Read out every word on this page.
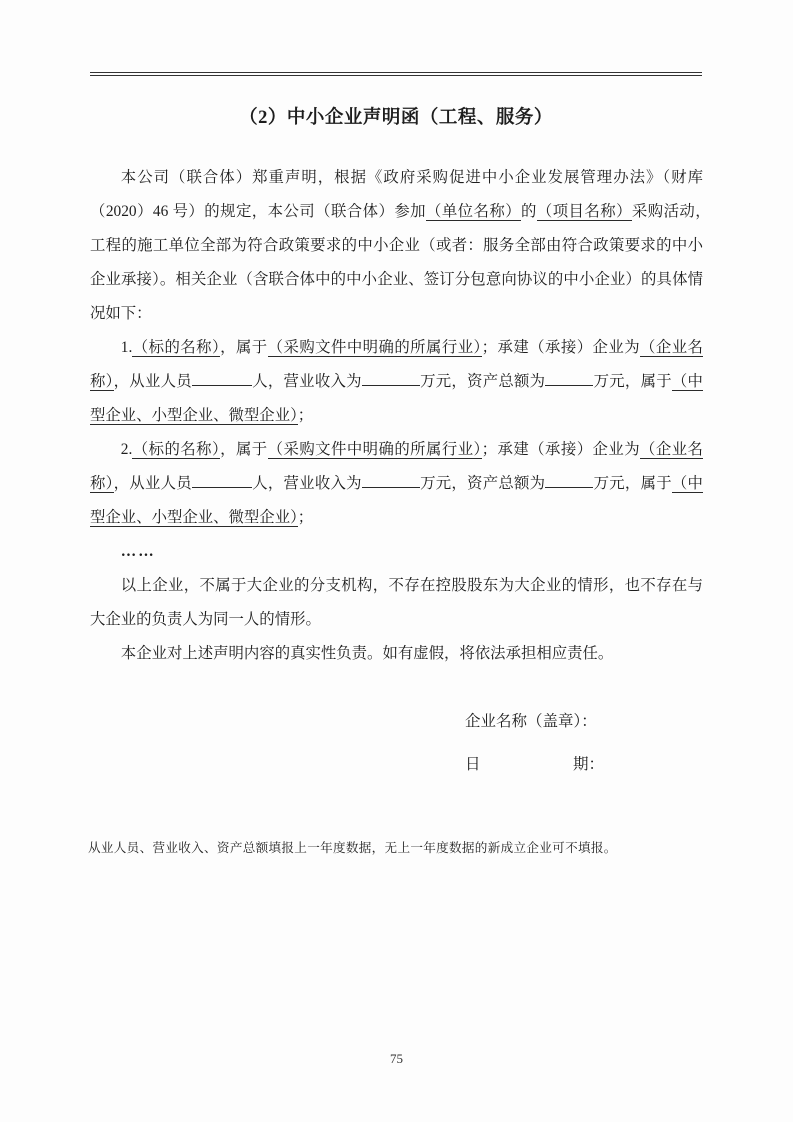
（2）中小企业声明函（工程、服务）

本公司（联合体）郑重声明，根据《政府采购促进中小企业发展管理办法》（财库（2020）46 号）的规定，本公司（联合体）参加（单位名称）的（项目名称）采购活动，　工程的施工单位全部为符合政策要求的中小企业（或者：服务全部由符合政策要求的中小企业承接）。相关企业（含联合体中的中小企业、签订分包意向协议的中小企业）的具体情况如下：

1.（标的名称），属于（采购文件中明确的所属行业）；承建（承接）企业为（企业名称），从业人员	人，营业收入为	万元，资产总额为	万元，属于（中型企业、小型企业、微型企业）；

2.（标的名称），属于（采购文件中明确的所属行业）；承建（承接）企业为（企业名称），从业人员	人，营业收入为	万元，资产总额为	万元，属于（中型企业、小型企业、微型企业）；

……

以上企业，不属于大企业的分支机构，不存在控股股东为大企业的情形，也不存在与大企业的负责人为同一人的情形。

本企业对上述声明内容的真实性负责。如有虚假，将依法承担相应责任。

企业名称（盖章）：
日	期：
从业人员、营业收入、资产总额填报上一年度数据，无上一年度数据的新成立企业可不填报。
75
